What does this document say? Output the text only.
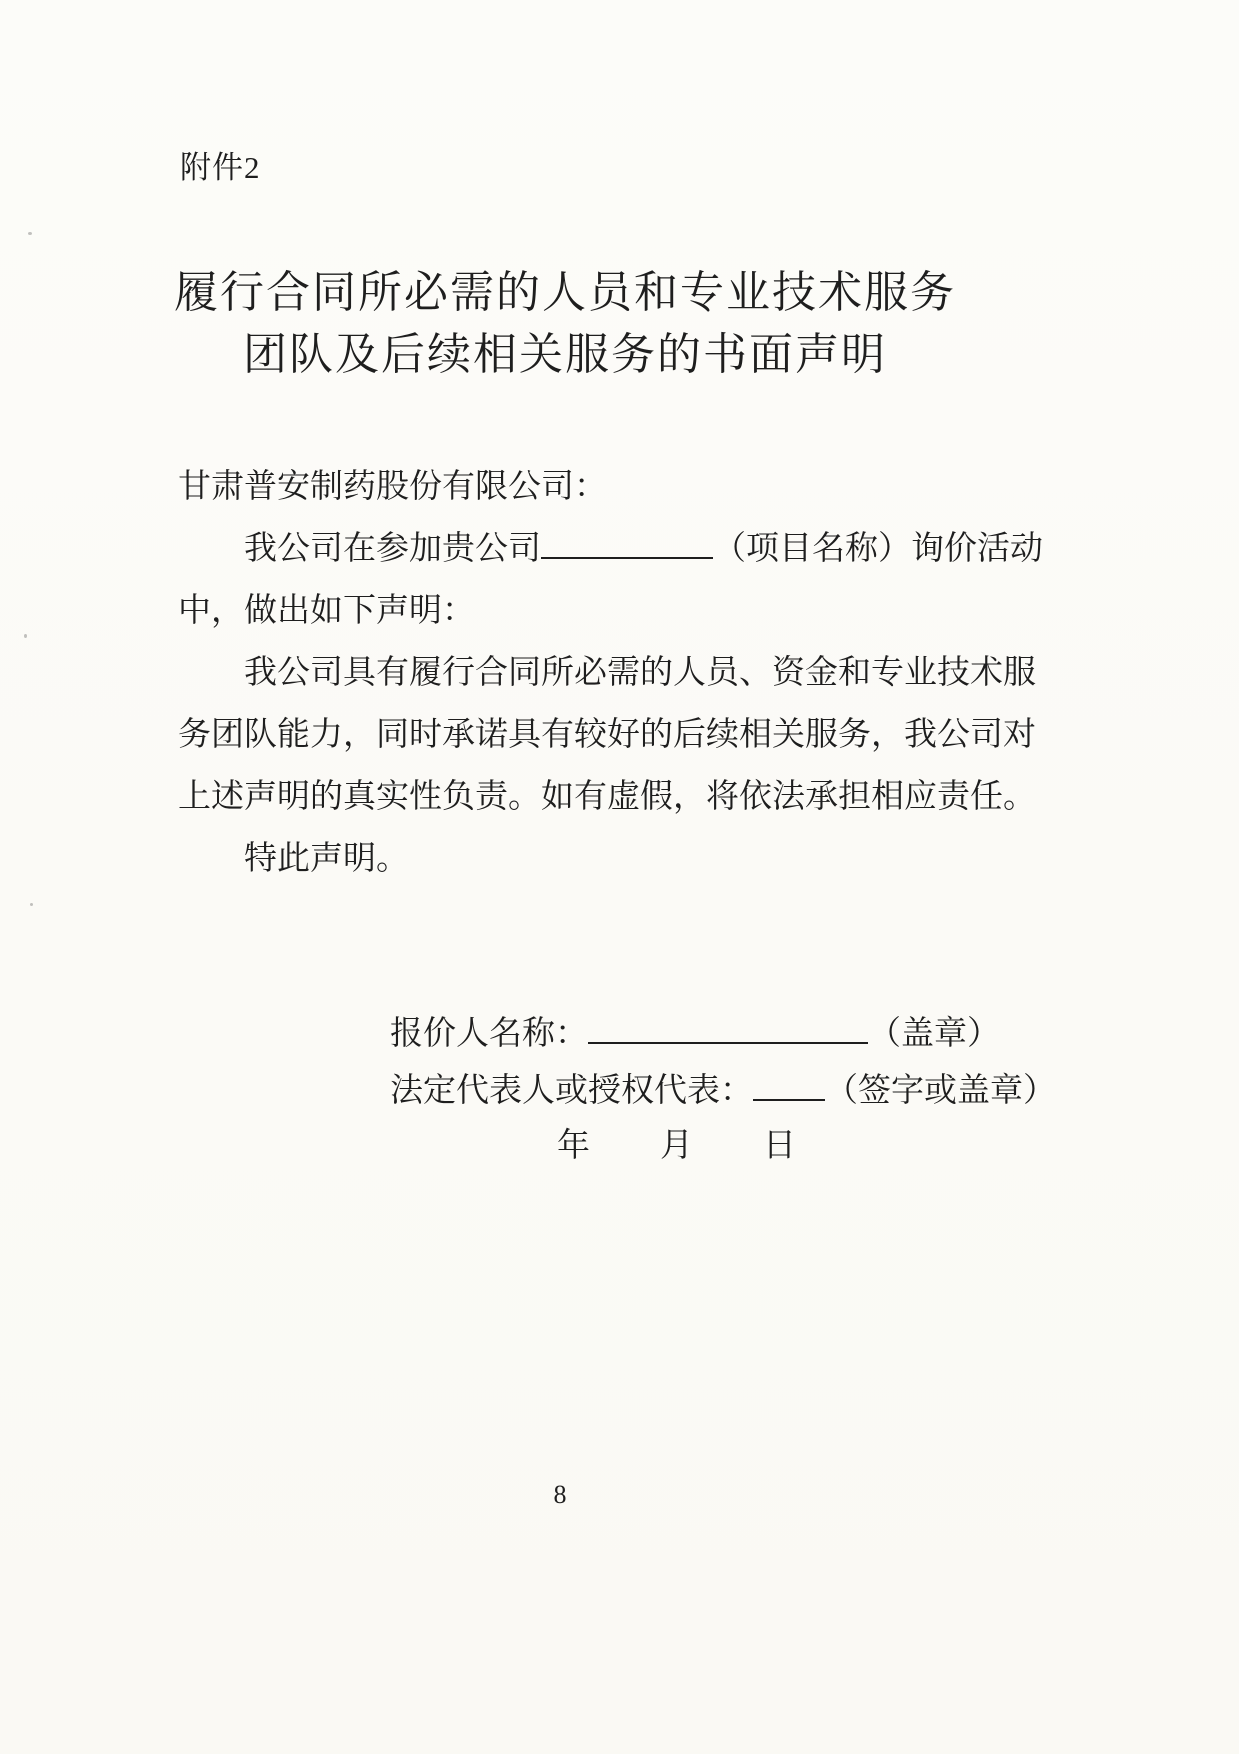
附件2
履行合同所必需的人员和专业技术服务
团队及后续相关服务的书面声明
甘肃普安制药股份有限公司：
我公司在参加贵公司	（项目名称）询价活动
中，做出如下声明：
我公司具有履行合同所必需的人员、资金和专业技术服
务团队能力，同时承诺具有较好的后续相关服务，我公司对
上述声明的真实性负责。如有虚假，将依法承担相应责任。
特此声明。
报价人名称：	（盖章）
法定代表人或授权代表： （签字或盖章）
年 月 日
8
